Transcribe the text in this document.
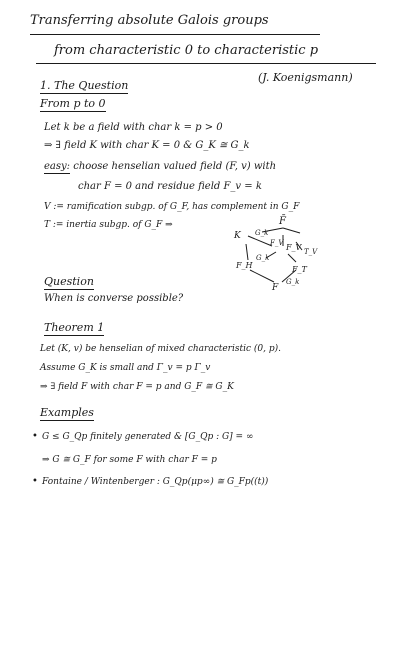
Transferring absolute Galois groups
from characteristic 0 to characteristic p
(J. Koenigsmann)
1. The Question
From p to 0
Let k be a field with char k = p > 0
⇒ ∃ field K with char K = 0 & G_K ≅ G_k
easy: choose henselian valued field (F, v) with
char F = 0 and residue field F_v = k
V := ramification subgp. of G_F, has complement in G_F
T := inertia subgp. of G_F ⇒	F̄
F_V
F_T
F_H
G_k
F_V
T_V
G_k
F
G_k
K
Question
When is converse possible?
Theorem 1
Let (K, v) be henselian of mixed characteristic (0, p).
Assume G_K is small and Γ_v = p Γ_v
⇒ ∃ field F with char F = p and G_F ≅ G_K
Examples
• G ≤ G_Qp finitely generated & [G_Qp : G] = ∞
⇒ G ≅ G_F for some F with char F = p
• Fontaine / Wintenberger : G_Qp(μp∞) ≅ G_Fp((t))
